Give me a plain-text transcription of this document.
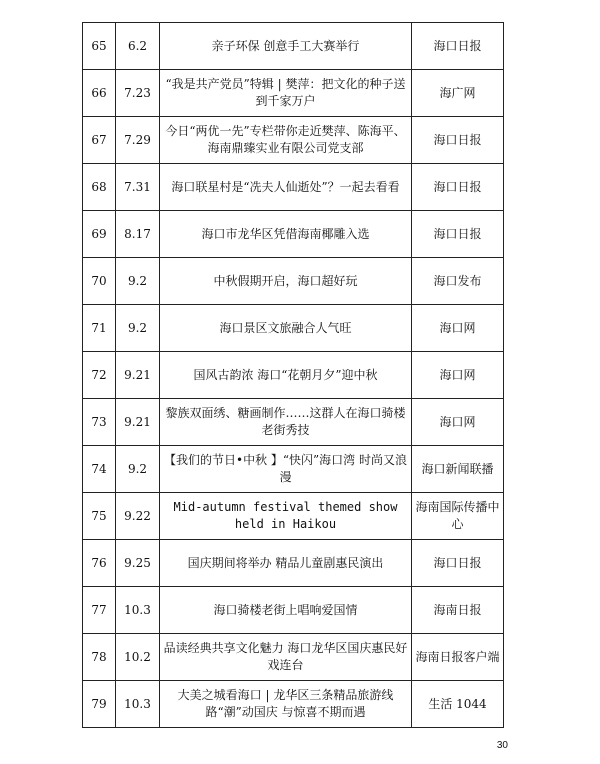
65	6.2	亲子环保 创意手工大赛举行	海口日报
66	7.23	“我是共产党员”特辑 | 樊萍：把文化的种子送到千家万户	海广网
67	7.29	今日“两优一先”专栏带你走近樊萍、陈海平、海南鼎臻实业有限公司党支部	海口日报
68	7.31	海口联星村是“冼夫人仙逝处”？一起去看看	海口日报
69	8.17	海口市龙华区凭借海南椰雕入选	海口日报
70	9.2	中秋假期开启，海口超好玩	海口发布
71	9.2	海口景区文旅融合人气旺	海口网
72	9.21	国风古韵浓 海口“花朝月夕”迎中秋	海口网
73	9.21	黎族双面绣、糖画制作……这群人在海口骑楼老街秀技	海口网
74	9.2	【我们的节日•中秋 】“快闪”海口湾 时尚又浪漫	海口新闻联播
75	9.22	Mid-autumn festival themed show held in Haikou	海南国际传播中心
76	9.25	国庆期间将举办 精品儿童剧惠民演出	海口日报
77	10.3	海口骑楼老街上唱响爱国情	海南日报
78	10.2	品读经典共享文化魅力 海口龙华区国庆惠民好戏连台	海南日报客户端
79	10.3	大美之城看海口 | 龙华区三条精品旅游线路“潮”动国庆 与惊喜不期而遇	生活 1044
30
